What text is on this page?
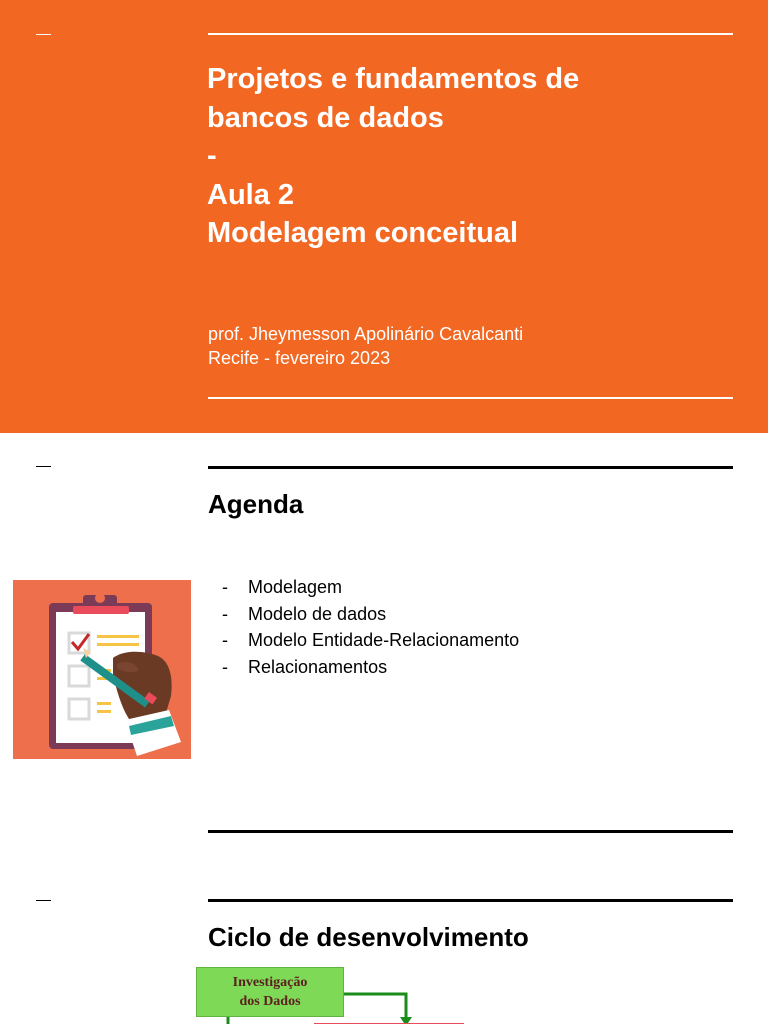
Projetos e fundamentos de
bancos de dados
-
Aula 2
Modelagem conceitual
prof. Jheymesson Apolinário Cavalcanti
Recife - fevereiro 2023
Agenda
- Modelagem
- Modelo de dados
- Modelo Entidade-Relacionamento
- Relacionamentos
Ciclo de desenvolvimento
Investigação
dos Dados
